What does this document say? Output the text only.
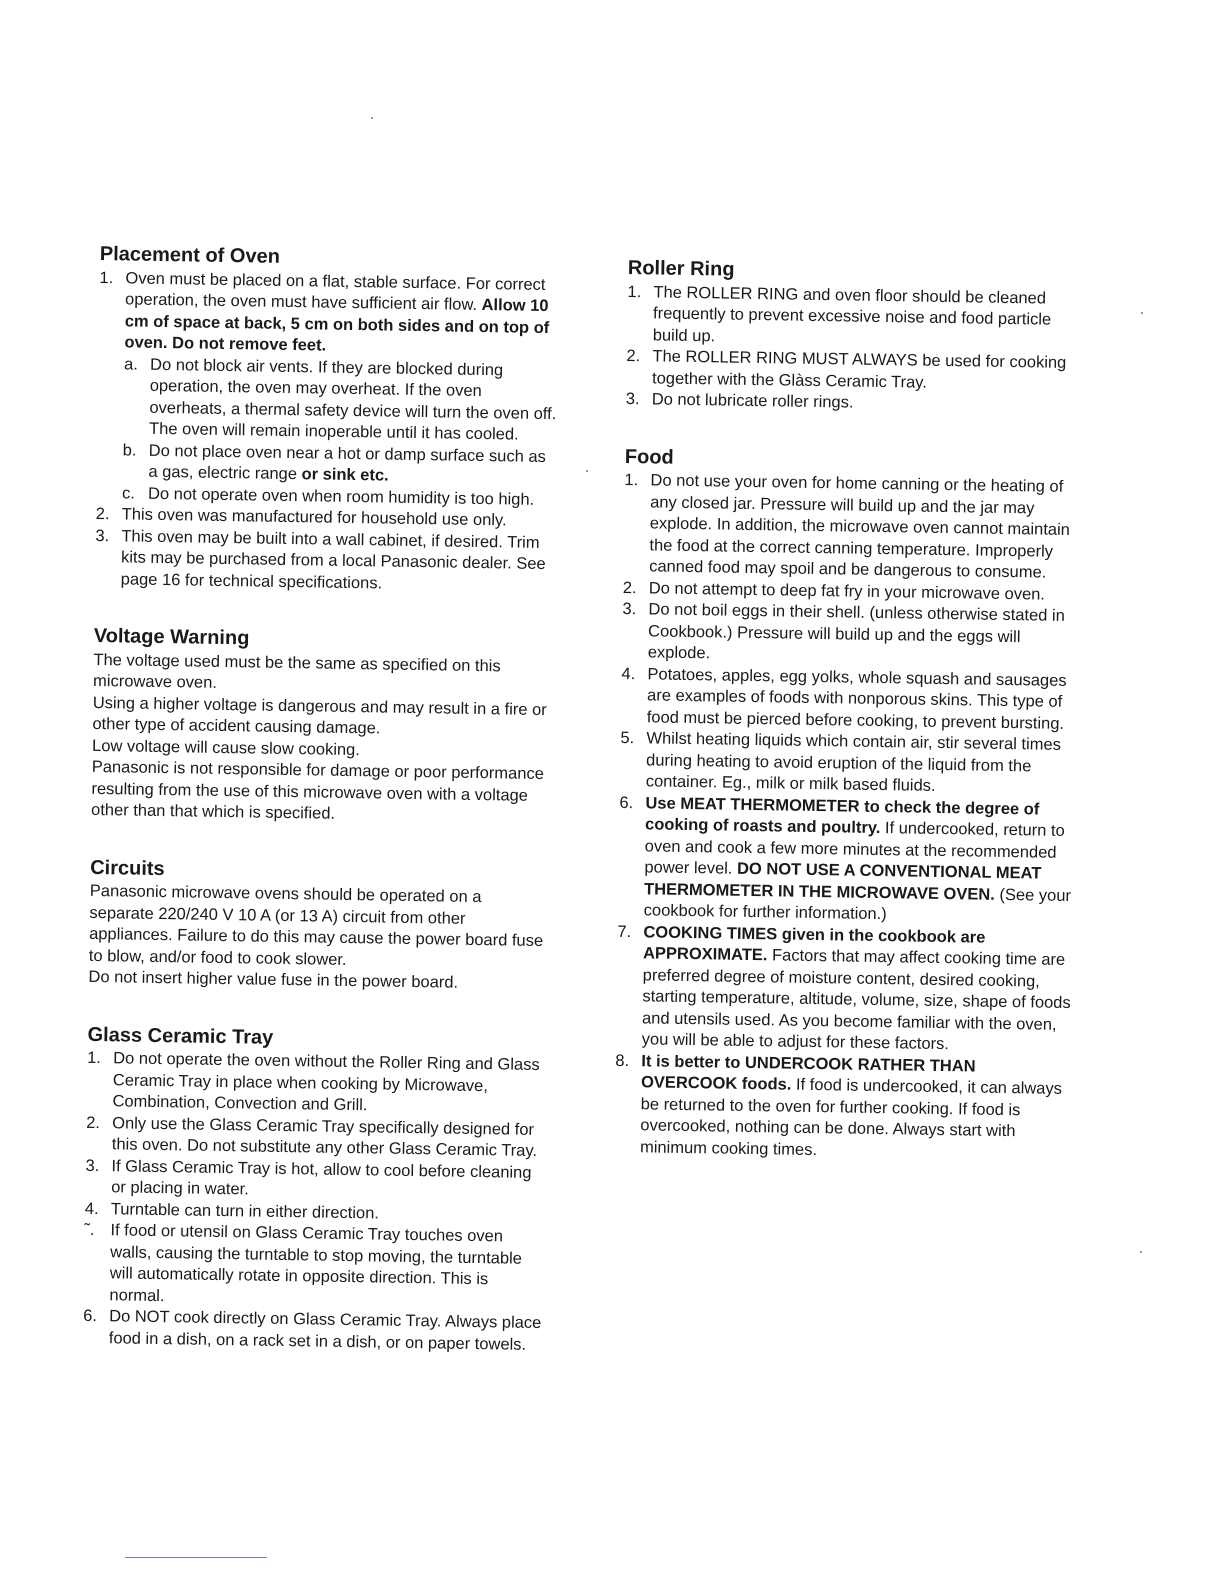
Placement of Oven
1. Oven must be placed on a flat, stable surface. For correct operation, the oven must have sufficient air flow. Allow 10 cm of space at back, 5 cm on both sides and on top of oven. Do not remove feet.
a. Do not block air vents. If they are blocked during operation, the oven may overheat. If the oven overheats, a thermal safety device will turn the oven off. The oven will remain inoperable until it has cooled.
b. Do not place oven near a hot or damp surface such as a gas, electric range or sink etc.
c. Do not operate oven when room humidity is too high.
2. This oven was manufactured for household use only.
3. This oven may be built into a wall cabinet, if desired. Trim kits may be purchased from a local Panasonic dealer. See page 16 for technical specifications.
Voltage Warning

The voltage used must be the same as specified on this microwave oven.

Using a higher voltage is dangerous and may result in a fire or other type of accident causing damage.

Low voltage will cause slow cooking.

Panasonic is not responsible for damage or poor performance resulting from the use of this microwave oven with a voltage other than that which is specified.

Circuits

Panasonic microwave ovens should be operated on a separate 220/240 V 10 A (or 13 A) circuit from other appliances. Failure to do this may cause the power board fuse to blow, and/or food to cook slower.

Do not insert higher value fuse in the power board.

Glass Ceramic Tray
1. Do not operate the oven without the Roller Ring and Glass Ceramic Tray in place when cooking by Microwave, Combination, Convection and Grill.
2. Only use the Glass Ceramic Tray specifically designed for this oven. Do not substitute any other Glass Ceramic Tray.
3. If Glass Ceramic Tray is hot, allow to cool before cleaning or placing in water.
4. Turntable can turn in either direction.
˜. If food or utensil on Glass Ceramic Tray touches oven walls, causing the turntable to stop moving, the turntable will automatically rotate in opposite direction. This is normal.
6. Do NOT cook directly on Glass Ceramic Tray. Always place food in a dish, on a rack set in a dish, or on paper towels.
Roller Ring
1. The ROLLER RING and oven floor should be cleaned frequently to prevent excessive noise and food particle build up.
2. The ROLLER RING MUST ALWAYS be used for cooking together with the Glàss Ceramic Tray.
3. Do not lubricate roller rings.
Food
1. Do not use your oven for home canning or the heating of any closed jar. Pressure will build up and the jar may explode. In addition, the microwave oven cannot maintain the food at the correct canning temperature. Improperly canned food may spoil and be dangerous to consume.
2. Do not attempt to deep fat fry in your microwave oven.
3. Do not boil eggs in their shell. (unless otherwise stated in Cookbook.) Pressure will build up and the eggs will explode.
4. Potatoes, apples, egg yolks, whole squash and sausages are examples of foods with nonporous skins. This type of food must be pierced before cooking, to prevent bursting.
5. Whilst heating liquids which contain air, stir several times during heating to avoid eruption of the liquid from the container. Eg., milk or milk based fluids.
6. Use MEAT THERMOMETER to check the degree of cooking of roasts and poultry. If undercooked, return to oven and cook a few more minutes at the recommended power level. DO NOT USE A CONVENTIONAL MEAT THERMOMETER IN THE MICROWAVE OVEN. (See your cookbook for further information.)
7. COOKING TIMES given in the cookbook are APPROXIMATE. Factors that may affect cooking time are preferred degree of moisture content, desired cooking, starting temperature, altitude, volume, size, shape of foods and utensils used. As you become familiar with the oven, you will be able to adjust for these factors.
8. It is better to UNDERCOOK RATHER THAN OVERCOOK foods. If food is undercooked, it can always be returned to the oven for further cooking. If food is overcooked, nothing can be done. Always start with minimum cooking times.
